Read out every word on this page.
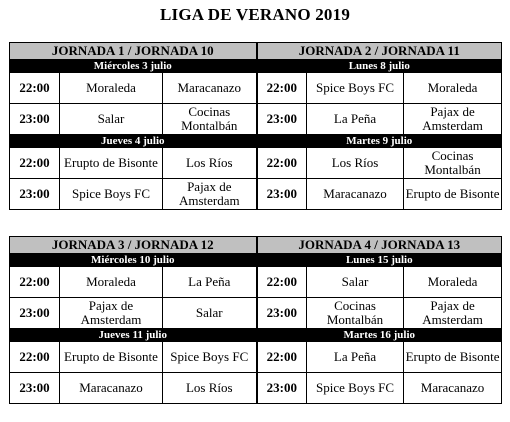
LIGA DE VERANO 2019
JORNADA 1 / JORNADA 10			JORNADA 2 / JORNADA 11		
Miércoles 3 julio			Lunes 8 julio		
22:00	Moraleda	Maracanazo	22:00	Spice Boys FC	Moraleda
23:00	Salar	Cocinas Montalbán	23:00	La Peña	Pajax de Amsterdam
Jueves 4 julio			Martes 9 julio		
22:00	Erupto de Bisonte	Los Ríos	22:00	Los Ríos	Cocinas Montalbán
23:00	Spice Boys FC	Pajax de Amsterdam	23:00	Maracanazo	Erupto de Bisonte
JORNADA 3 / JORNADA 12			JORNADA 4 / JORNADA 13		
Miércoles 10 julio			Lunes 15 julio		
22:00	Moraleda	La Peña	22:00	Salar	Moraleda
23:00	Pajax de Amsterdam	Salar	23:00	Cocinas Montalbán	Pajax de Amsterdam
Jueves 11 julio			Martes 16 julio		
22:00	Erupto de Bisonte	Spice Boys FC	22:00	La Peña	Erupto de Bisonte
23:00	Maracanazo	Los Ríos	23:00	Spice Boys FC	Maracanazo
